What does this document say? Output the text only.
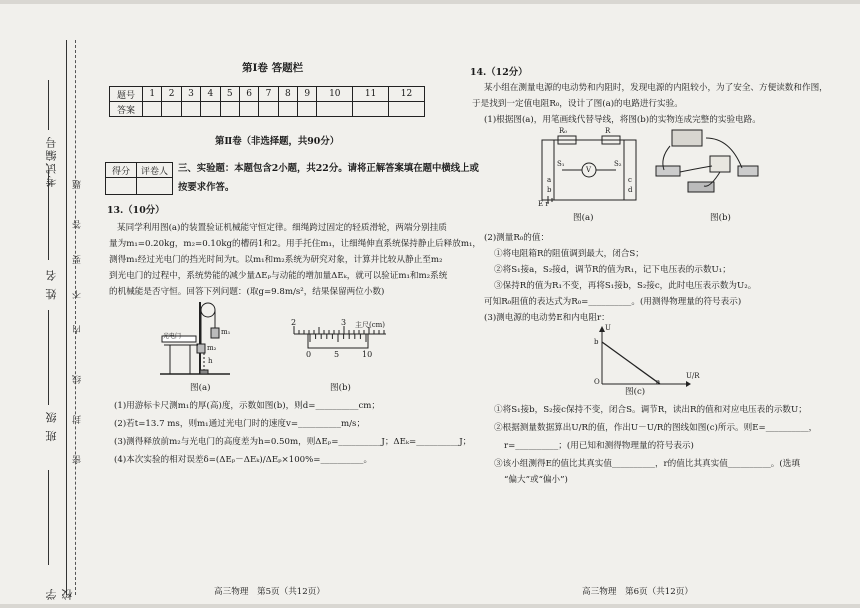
考试编号
姓 名
班 级
学 校
题
答
要
不
内
线
封
密
第Ⅰ卷 答题栏
题号	1	2	3	4	5	6	7	8	9	10	11	12
答案												
第Ⅱ卷（非选择题，共90分）
得分	评卷人
	三、实验题：本题包含2小题，共22分。请将正解答案填在题中横线上或
按要求作答。
13.（10分）
某同学利用图(a)的装置验证机械能守恒定律。细绳跨过固定的轻质滑轮，两端分别挂质
量为m₁=0.20kg，m₂=0.10kg的槽码1和2。用手托住m₁，让细绳伸直系统保持静止后释放m₁，
测得m₁经过光电门的挡光时间为t。以m₁和m₂系统为研究对象，计算并比较从静止至m₂
到光电门的过程中，系统势能的减少量ΔEₚ与动能的增加量ΔEₖ，就可以验证m₁和m₂系统
的机械能是否守恒。回答下列问题：(取g=9.8m/s²，结果保留两位小数)
光电门
m₁
m₂
h
图(a)
2	3 主尺(cm)
0	5	10
图(b)
(1)用游标卡尺测m₁的厚(高)度，示数如图(b)，则d=__________cm；
(2)若t=13.7 ms，则m₁通过光电门时的速度v=__________m/s；
(3)测得释放前m₂与光电门的高度差为h=0.50m，则ΔEₚ=__________J；ΔEₖ=__________J；
(4)本次实验的相对误差δ=(ΔEₚ－ΔEₖ)/ΔEₚ×100%=__________。
高三物理　第5页（共12页）
14.（12分）
某小组在测量电源的电动势和内阻时，发现电源的内阻较小，为了安全、方便读数和作图，
于是找到一定值电阻R₀，设计了图(a)的电路进行实验。
(1)根据图(a)，用笔画线代替导线，将图(b)的实物连成完整的实验电路。
R₀	R
V
a
b
c
d
S₁	S₂
E r
图(a)	图(b)
(2)测量R₀的值：
①将电阻箱R的阻值调到最大，闭合S；
②将S₁接a，S₂接d，调节R的值为R₁，记下电压表的示数U₁；
③保持R的值为R₁不变，再将S₁接b，S₂接c，此时电压表示数为U₂。
可知R₀阻值的表达式为R₀=__________。(用测得物理量的符号表示)
(3)测电源的电动势E和内电阻r：
U
b
O	a
U/R
图(c)
①将S₁接b，S₂接c保持不变，闭合S。调节R，读出R的值和对应电压表的示数U；
②根据测量数据算出U/R的值，作出U－U/R的图线如图(c)所示。则E=__________，
r=__________；(用已知和测得物理量的符号表示)
③该小组测得E的值比其真实值__________，r的值比其真实值__________。(选填
“偏大”或“偏小”)
高三物理　第6页（共12页）
